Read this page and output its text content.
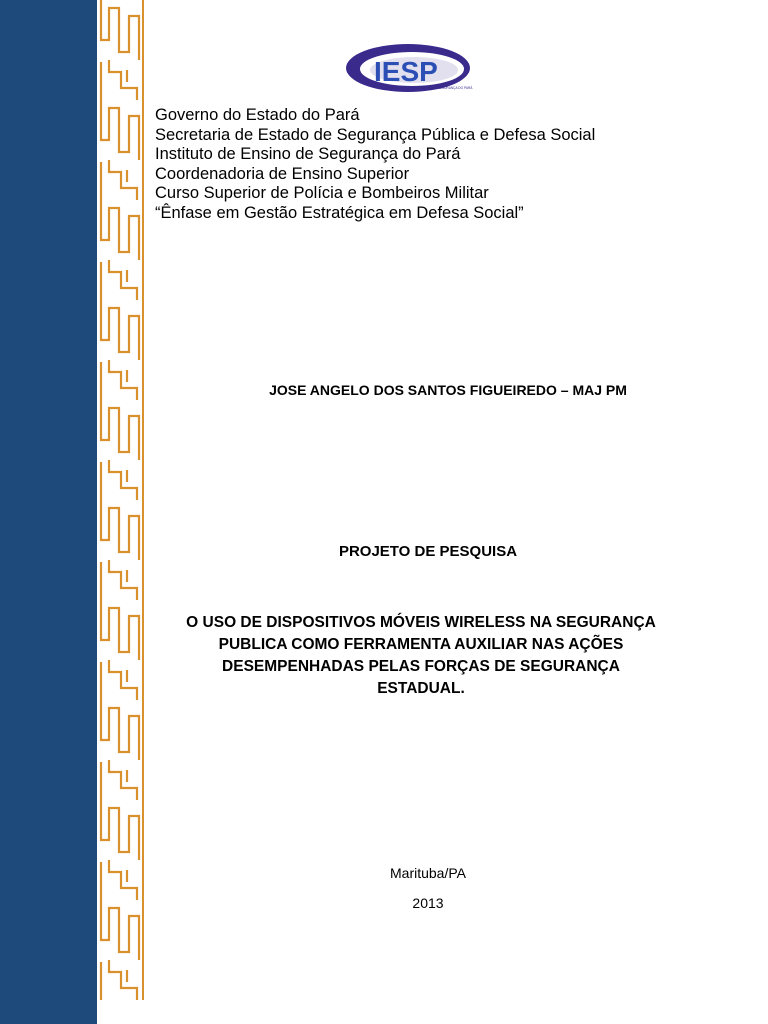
IESP
INSTITUTO DE ENSINO DE SEGURANÇA DO PARÁ
Governo do Estado do Pará
Secretaria de Estado de Segurança Pública e Defesa Social
Instituto de Ensino de Segurança do Pará
Coordenadoria de Ensino Superior
Curso Superior de Polícia e Bombeiros Militar
“Ênfase em Gestão Estratégica em Defesa Social”
JOSE ANGELO DOS SANTOS FIGUEIREDO – MAJ PM
PROJETO DE PESQUISA
O USO DE DISPOSITIVOS MÓVEIS WIRELESS NA SEGURANÇA
PUBLICA COMO FERRAMENTA AUXILIAR NAS AÇÕES
DESEMPENHADAS PELAS FORÇAS DE SEGURANÇA
ESTADUAL.
Marituba/PA
2013
